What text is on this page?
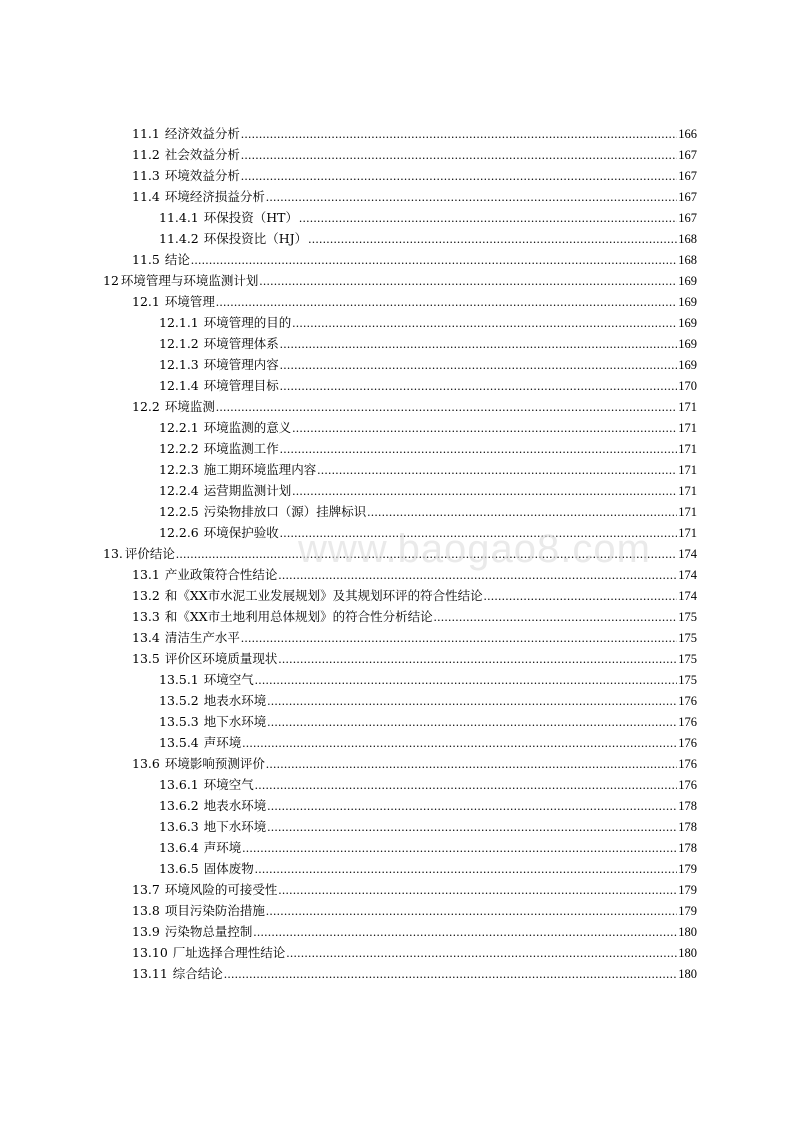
11.1 经济效益分析 .....	166
11.2 社会效益分析 .....	167
11.3 环境效益分析 .....	167
11.4 环境经济损益分析 .....	167
11.4.1 环保投资（HT） .....	167
11.4.2 环保投资比（HJ） .....	168
11.5 结论 .....	168
12 环境管理与环境监测计划 .....	169
12.1 环境管理 .....	169
12.1.1 环境管理的目的 .....	169
12.1.2 环境管理体系 .....	169
12.1.3 环境管理内容 .....	169
12.1.4 环境管理目标 .....	170
12.2 环境监测 .....	171
12.2.1 环境监测的意义 .....	171
12.2.2 环境监测工作 .....	171
12.2.3 施工期环境监理内容 .....	171
12.2.4 运营期监测计划 .....	171
12.2.5 污染物排放口（源）挂牌标识 .....	171
12.2.6 环境保护验收 .....	171
13. 评价结论 .....	174
13.1 产业政策符合性结论 .....	174
13.2 和《XX市水泥工业发展规划》及其规划环评的符合性结论 .....	174
13.3 和《XX市土地利用总体规划》的符合性分析结论 .....	175
13.4 清洁生产水平 .....	175
13.5 评价区环境质量现状 .....	175
13.5.1 环境空气 .....	175
13.5.2 地表水环境 .....	176
13.5.3 地下水环境 .....	176
13.5.4 声环境 .....	176
13.6 环境影响预测评价 .....	176
13.6.1 环境空气 .....	176
13.6.2 地表水环境 .....	178
13.6.3 地下水环境 .....	178
13.6.4 声环境 .....	178
13.6.5 固体废物 .....	179
13.7 环境风险的可接受性 .....	179
13.8 项目污染防治措施 .....	179
13.9 污染物总量控制 .....	180
13.10 厂址选择合理性结论 .....	180
13.11 综合结论 .....	180
www.baogao8.com
